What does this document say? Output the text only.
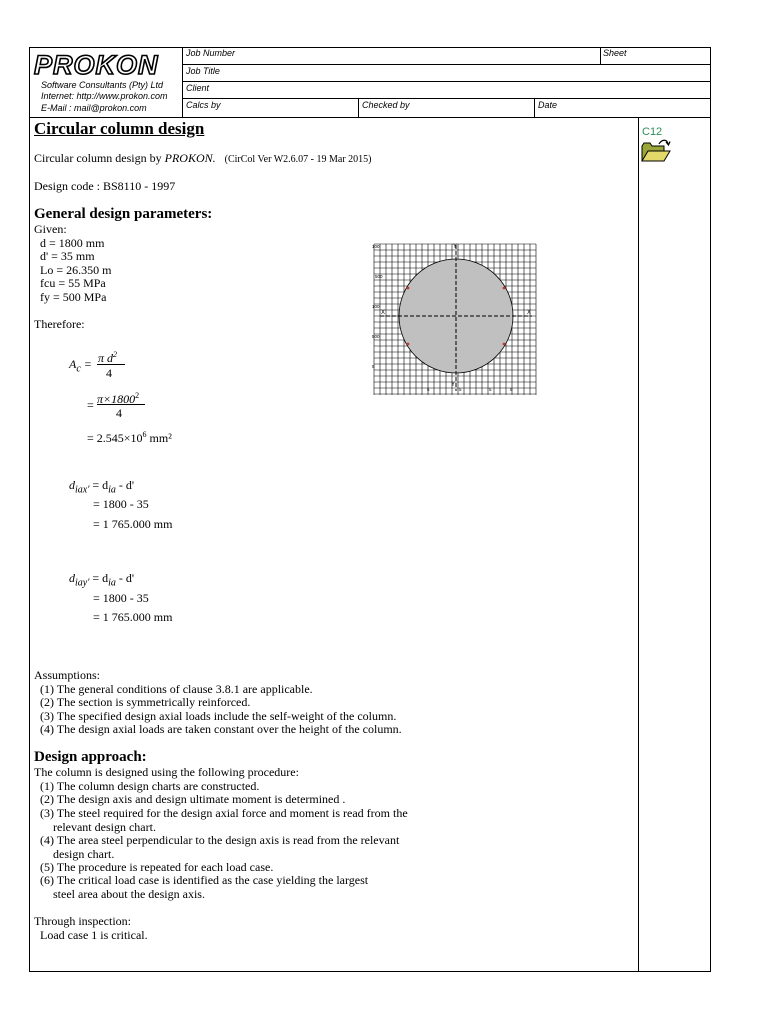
PROKON
Software Consultants (Pty) Ltd
Internet: http://www.prokon.com
E-Mail : mail@prokon.com
Job Number	Sheet
Job Title
Client
Calcs by	Checked by	Date
C12
Circular column design
Circular column design by PROKON. (CirCol Ver W2.6.07 - 19 Mar 2015)
Design code : BS8110 - 1997
General design parameters:
Given:
d = 1800 mm
d' = 35 mm
Lo = 26.350 m
fcu = 55 MPa
fy = 500 MPa
Therefore:
$A_c = \pi$ $d^2$
4
= $\pi\times 1800^2$
4
= $2.545\times 10^6$ mm²
$d_{iax'} = d_{ia} - d'$
= 1800 - 35
= 1 765.000 mm
$d_{iay'} = d_{ia} - d'$
= 1800 - 35
= 1 765.000 mm
Assumptions:
(1) The general conditions of clause 3.8.1 are applicable.
(2) The section is symmetrically reinforced.
(3) The specified design axial loads include the self-weight of the column.
(4) The design axial loads are taken constant over the height of the column.
Design approach:
The column is designed using the following procedure:
(1) The column design charts are constructed.
(2) The design axis and design ultimate moment is determined .
(3) The steel required for the design axial force and moment is read from the
relevant design chart.
(4) The area steel perpendicular to the design axis is read from the relevant
design chart.
(5) The procedure is repeated for each load case.
(6) The critical load case is identified as the case yielding the largest
steel area about the design axis.
Through inspection:
Load case 1 is critical.
Y
Y
X	X
100
500
100
500
5
5	5	5	5
